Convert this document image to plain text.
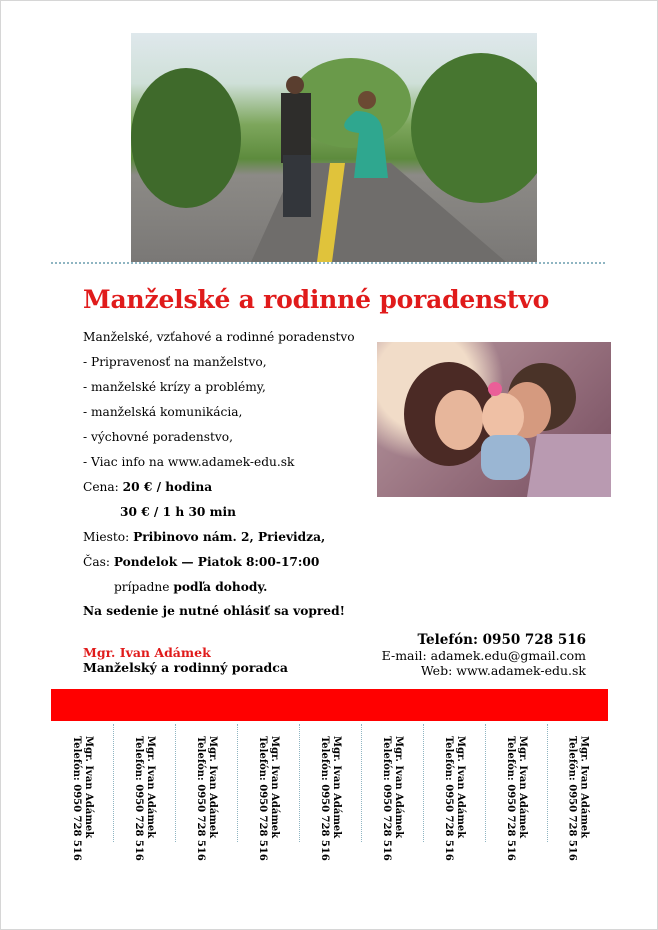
Manželské a rodinné poradenstvo
Manželské, vzťahové a rodinné poradenstvo
- Pripravenosť na manželstvo,
- manželské krízy a problémy,
- manželská komunikácia,
- výchovné poradenstvo,
- Viac info na www.adamek-edu.sk
Cena: 20 € / hodina
30 € / 1 h 30 min
Miesto: Pribinovo nám. 2, Prievidza,
Čas: Pondelok — Piatok 8:00-17:00
prípadne podľa dohody.
Na sedenie je nutné ohlásiť sa vopred!
Mgr. Ivan Adámek
Manželský a rodinný poradca
Telefón: 0950 728 516
E-mail: adamek.edu@gmail.com
Web: www.adamek-edu.sk
Mgr. Ivan Adámek
Telefón: 0950 728 516	Mgr. Ivan Adámek
Telefón: 0950 728 516	Mgr. Ivan Adámek
Telefón: 0950 728 516	Mgr. Ivan Adámek
Telefón: 0950 728 516	Mgr. Ivan Adámek
Telefón: 0950 728 516	Mgr. Ivan Adámek
Telefón: 0950 728 516	Mgr. Ivan Adámek
Telefón: 0950 728 516	Mgr. Ivan Adámek
Telefón: 0950 728 516	Mgr. Ivan Adámek
Telefón: 0950 728 516
